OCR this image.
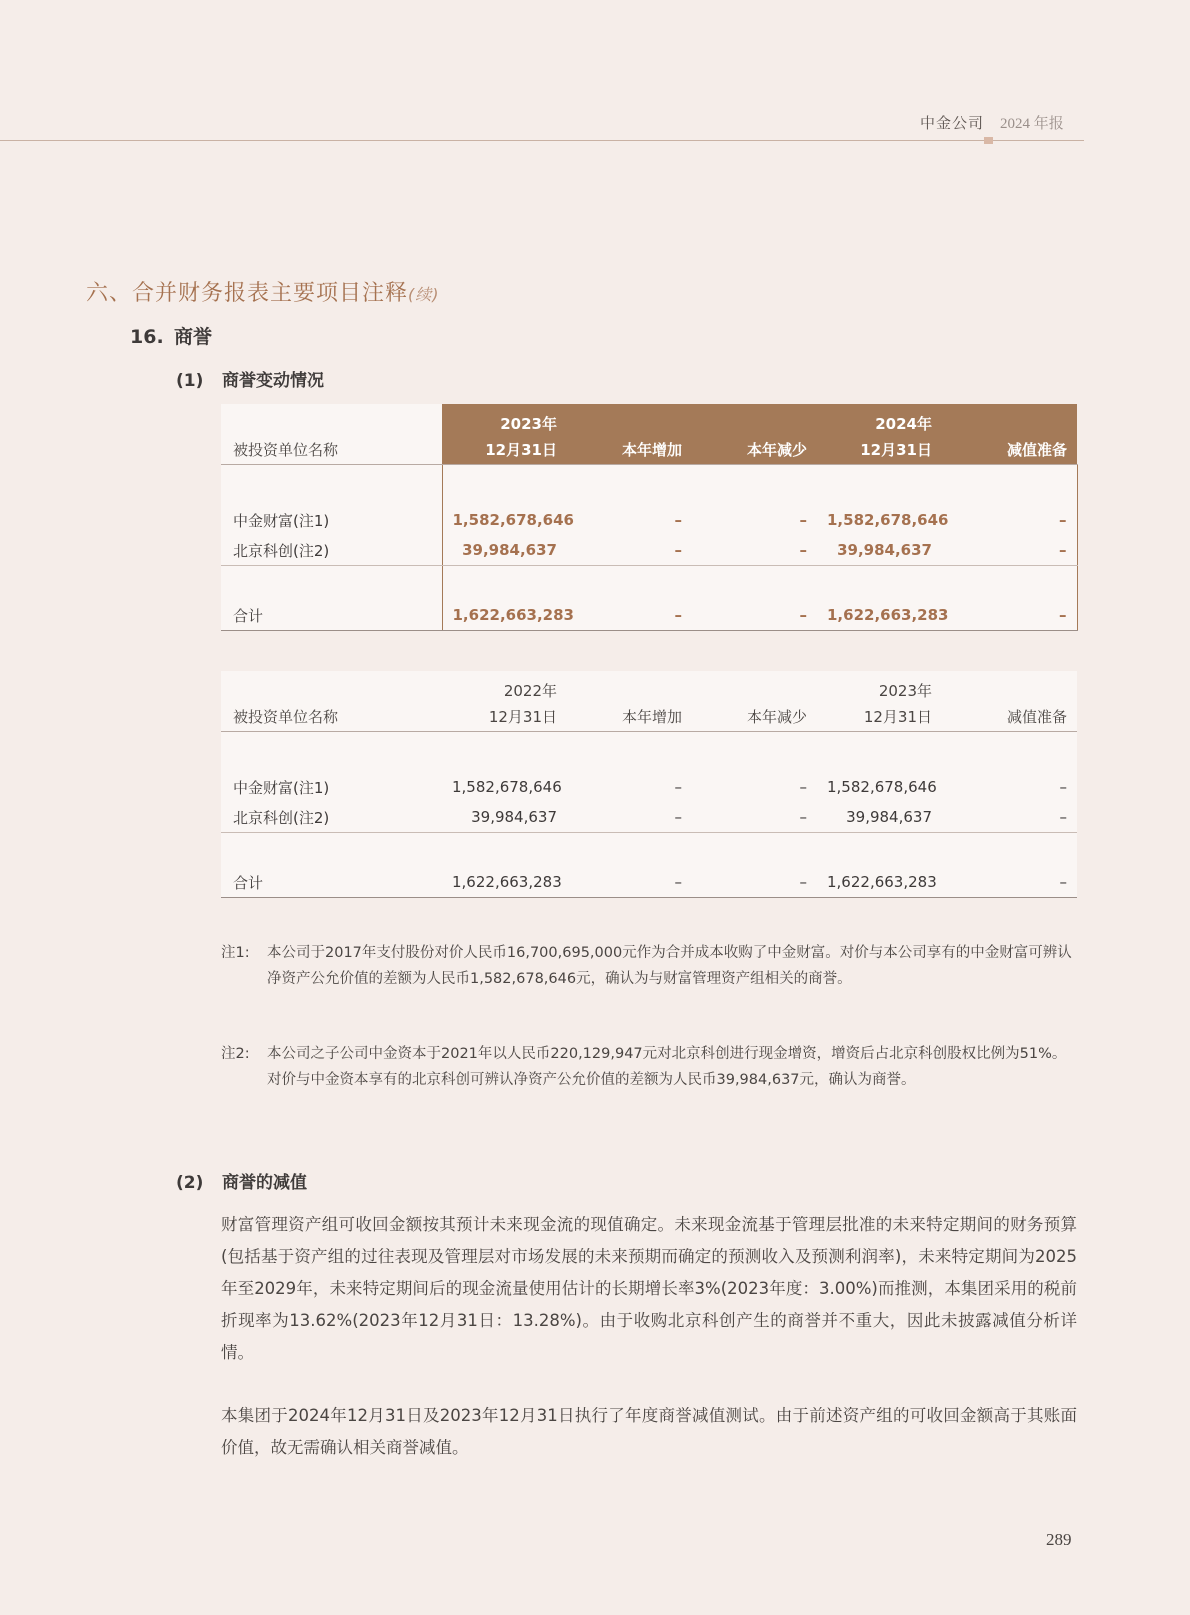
中金公司 2024 年报
六、合并财务报表主要项目注释(续)
16. 商誉
(1) 商誉变动情况
	2023年			2024年	
被投资单位名称	12月31日	本年增加	本年减少	12月31日	减值准备

中金财富(注1)	1,582,678,646	–	–	1,582,678,646	–
北京科创(注2)	39,984,637	–	–	39,984,637	–

合计	1,622,663,283	–	–	1,622,663,283	–
	2022年			2023年	
被投资单位名称	12月31日	本年增加	本年减少	12月31日	减值准备

中金财富(注1)	1,582,678,646	–	–	1,582,678,646	–
北京科创(注2)	39,984,637	–	–	39,984,637	–

合计	1,622,663,283	–	–	1,622,663,283	–
注1: 本公司于2017年支付股份对价人民币16,700,695,000元作为合并成本收购了中金财富。对价与本公司享有的中金财富可辨认净资产公允价值的差额为人民币1,582,678,646元，确认为与财富管理资产组相关的商誉。
注2: 本公司之子公司中金资本于2021年以人民币220,129,947元对北京科创进行现金增资，增资后占北京科创股权比例为51%。对价与中金资本享有的北京科创可辨认净资产公允价值的差额为人民币39,984,637元，确认为商誉。
(2) 商誉的减值
财富管理资产组可收回金额按其预计未来现金流的现值确定。未来现金流基于管理层批准的未来特定期间的财务预算(包括基于资产组的过往表现及管理层对市场发展的未来预期而确定的预测收入及预测利润率)，未来特定期间为2025年至2029年，未来特定期间后的现金流量使用估计的长期增长率3%(2023年度：3.00%)而推测，本集团采用的税前折现率为13.62%(2023年12月31日：13.28%)。由于收购北京科创产生的商誉并不重大，因此未披露减值分析详情。
本集团于2024年12月31日及2023年12月31日执行了年度商誉减值测试。由于前述资产组的可收回金额高于其账面价值，故无需确认相关商誉减值。
289
